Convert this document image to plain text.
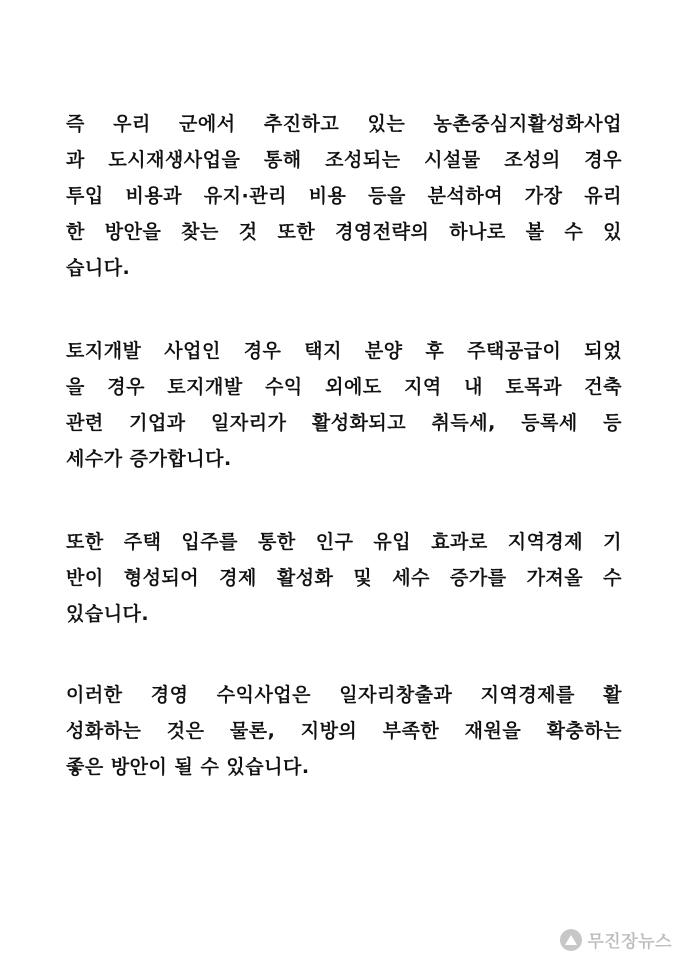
즉 우리 군에서 추진하고 있는 농촌중심지활성화사업
과 도시재생사업을 통해 조성되는 시설물 조성의 경우
투입 비용과 유지·관리 비용 등을 분석하여 가장 유리
한 방안을 찾는 것 또한 경영전략의 하나로 볼 수 있
습니다.
토지개발 사업인 경우 택지 분양 후 주택공급이 되었
을 경우 토지개발 수익 외에도 지역 내 토목과 건축
관련 기업과 일자리가 활성화되고 취득세, 등록세 등
세수가 증가합니다.
또한 주택 입주를 통한 인구 유입 효과로 지역경제 기
반이 형성되어 경제 활성화 및 세수 증가를 가져올 수
있습니다.
이러한 경영 수익사업은 일자리창출과 지역경제를 활
성화하는 것은 물론, 지방의 부족한 재원을 확충하는
좋은 방안이 될 수 있습니다.
무진장뉴스
